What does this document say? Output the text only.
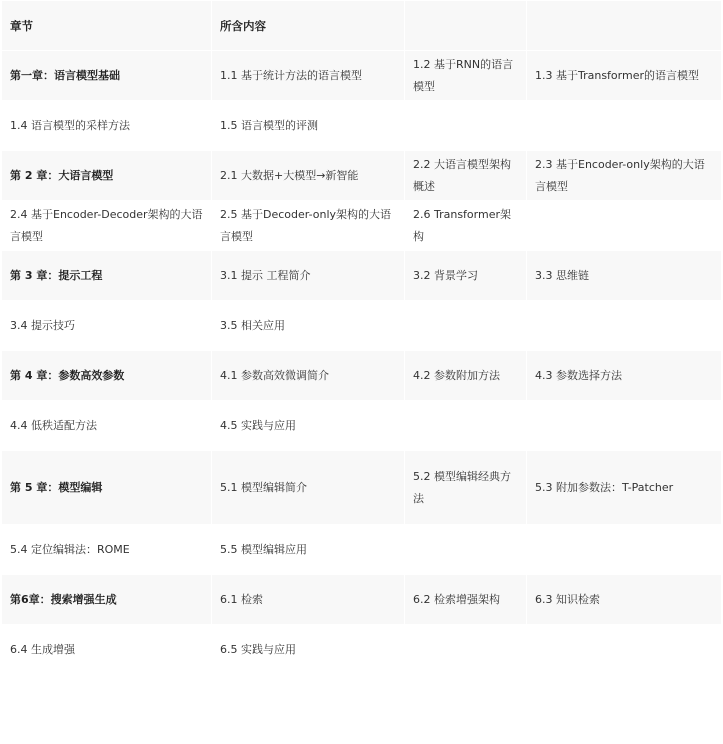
章节	所含内容		
第一章：语言模型基础	1.1 基于统计方法的语言模型	1.2 基于RNN的语言模型	1.3 基于Transformer的语言模型
1.4 语言模型的采样方法	1.5 语言模型的评测		
第 2 章：大语言模型	2.1 大数据+大模型→新智能	2.2 大语言模型架构概述	2.3 基于Encoder-only架构的大语言模型
2.4 基于Encoder-Decoder架构的大语言模型	2.5 基于Decoder-only架构的大语言模型	2.6 Transformer架构	
第 3 章：提示工程	3.1 提示 工程简介	3.2 背景学习	3.3 思维链
3.4 提示技巧	3.5 相关应用		
第 4 章：参数高效参数	4.1 参数高效微调简介	4.2 参数附加方法	4.3 参数选择方法
4.4 低秩适配方法	4.5 实践与应用		
第 5 章：模型编辑	5.1 模型编辑简介	5.2 模型编辑经典方法	5.3 附加参数法：T-Patcher
5.4 定位编辑法：ROME	5.5 模型编辑应用		
第6章：搜索增强生成	6.1 检索	6.2 检索增强架构	6.3 知识检索
6.4 生成增强	6.5 实践与应用		
